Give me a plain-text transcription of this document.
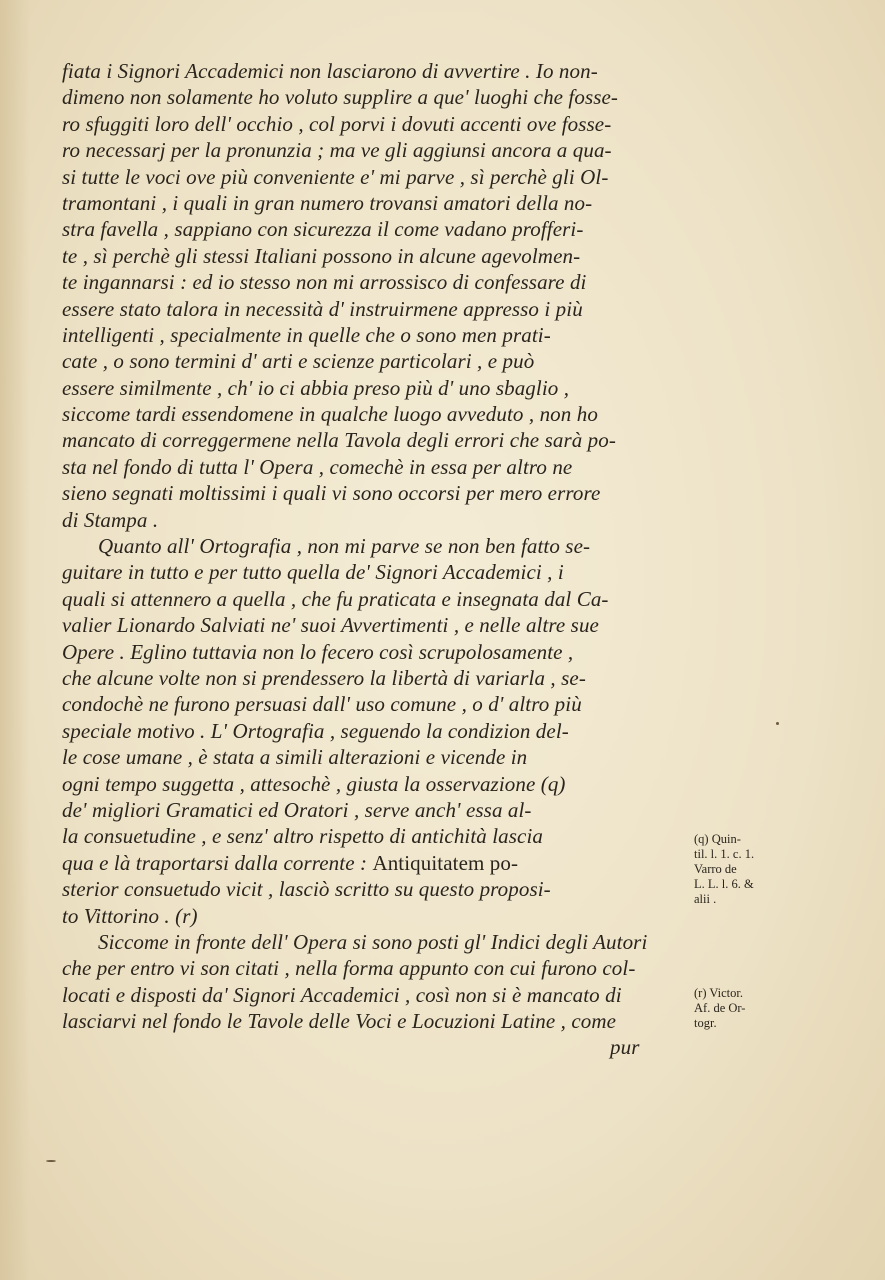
fiata i Signori Accademici non lasciarono di avvertire . Io non-
dimeno non solamente ho voluto supplire a que' luoghi che fosse-
ro sfuggiti loro dell' occhio , col porvi i dovuti accenti ove fosse-
ro necessarj per la pronunzia ; ma ve gli aggiunsi ancora a qua-
si tutte le voci ove più conveniente e' mi parve , sì perchè gli Ol-
tramontani , i quali in gran numero trovansi amatori della no-
stra favella , sappiano con sicurezza il come vadano profferi-
te , sì perchè gli stessi Italiani possono in alcune agevolmen-
te ingannarsi : ed io stesso non mi arrossisco di confessare di
essere stato talora in necessità d' instruirmene appresso i più
intelligenti , specialmente in quelle che o sono men prati-
cate , o sono termini d' arti e scienze particolari , e può
essere similmente , ch' io ci abbia preso più d' uno sbaglio ,
siccome tardi essendomene in qualche luogo avveduto , non ho
mancato di correggermene nella Tavola degli errori che sarà po-
sta nel fondo di tutta l' Opera , comechè in essa per altro ne
sieno segnati moltissimi i quali vi sono occorsi per mero errore
di Stampa .
Quanto all' Ortografia , non mi parve se non ben fatto se-
guitare in tutto e per tutto quella de' Signori Accademici , i
quali si attennero a quella , che fu praticata e insegnata dal Ca-
valier Lionardo Salviati ne' suoi Avvertimenti , e nelle altre sue
Opere . Eglino tuttavia non lo fecero così scrupolosamente ,
che alcune volte non si prendessero la libertà di variarla , se-
condochè ne furono persuasi dall' uso comune , o d' altro più
speciale motivo . L' Ortografia , seguendo la condizion del-
le cose umane , è stata a simili alterazioni e vicende in
ogni tempo suggetta , attesochè , giusta la osservazione (q)
de' migliori Gramatici ed Oratori , serve anch' essa al-
la consuetudine , e senz' altro rispetto di antichità lascia
qua e là traportarsi dalla corrente : Antiquitatem po-
sterior consuetudo vicit , lasciò scritto su questo proposi-
to Vittorino . (r)
Siccome in fronte dell' Opera si sono posti gl' Indici degli Autori
che per entro vi son citati , nella forma appunto con cui furono col-
locati e disposti da' Signori Accademici , così non si è mancato di
lasciarvi nel fondo le Tavole delle Voci e Locuzioni Latine , come
pur
(q) Quin-
til. l. 1. c. 1.
Varro de
L. L. l. 6. &
alii .
(r) Victor.
Af. de Or-
togr.
